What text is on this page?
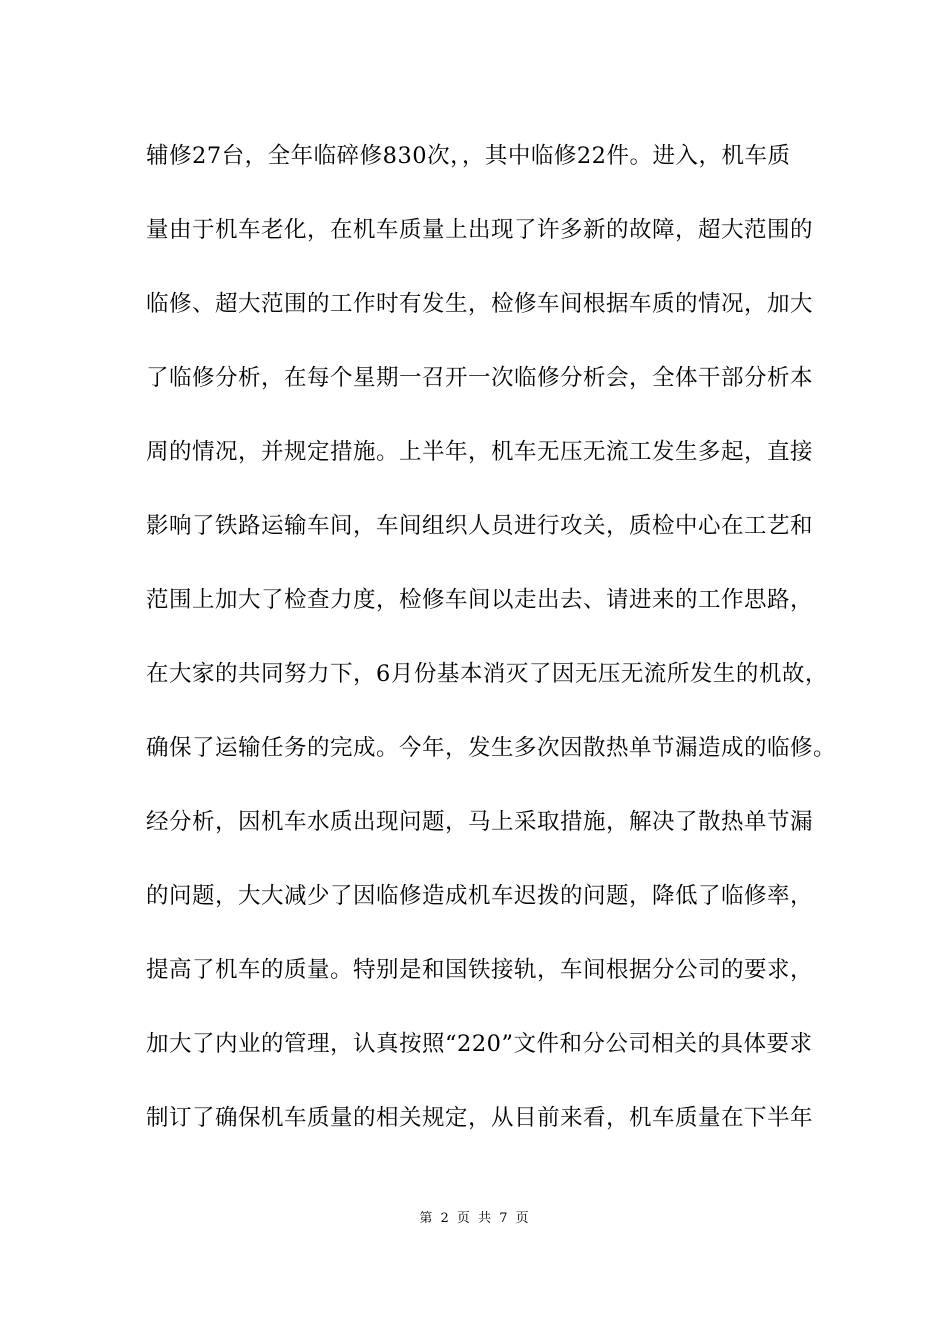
辅修27台，全年临碎修830次，，其中临修22件。进入，机车质
量由于机车老化，在机车质量上出现了许多新的故障，超大范围的
临修、超大范围的工作时有发生，检修车间根据车质的情况，加大
了临修分析，在每个星期一召开一次临修分析会，全体干部分析本
周的情况，并规定措施。上半年，机车无压无流工发生多起，直接
影响了铁路运输车间，车间组织人员进行攻关，质检中心在工艺和
范围上加大了检查力度，检修车间以走出去、请进来的工作思路，
在大家的共同努力下，6月份基本消灭了因无压无流所发生的机故，
确保了运输任务的完成。今年，发生多次因散热单节漏造成的临修。
经分析，因机车水质出现问题，马上采取措施，解决了散热单节漏
的问题，大大减少了因临修造成机车迟拨的问题，降低了临修率，
提高了机车的质量。特别是和国铁接轨，车间根据分公司的要求，
加大了内业的管理，认真按照“220”文件和分公司相关的具体要求
制订了确保机车质量的相关规定，从目前来看，机车质量在下半年
第 2 页 共 7 页
